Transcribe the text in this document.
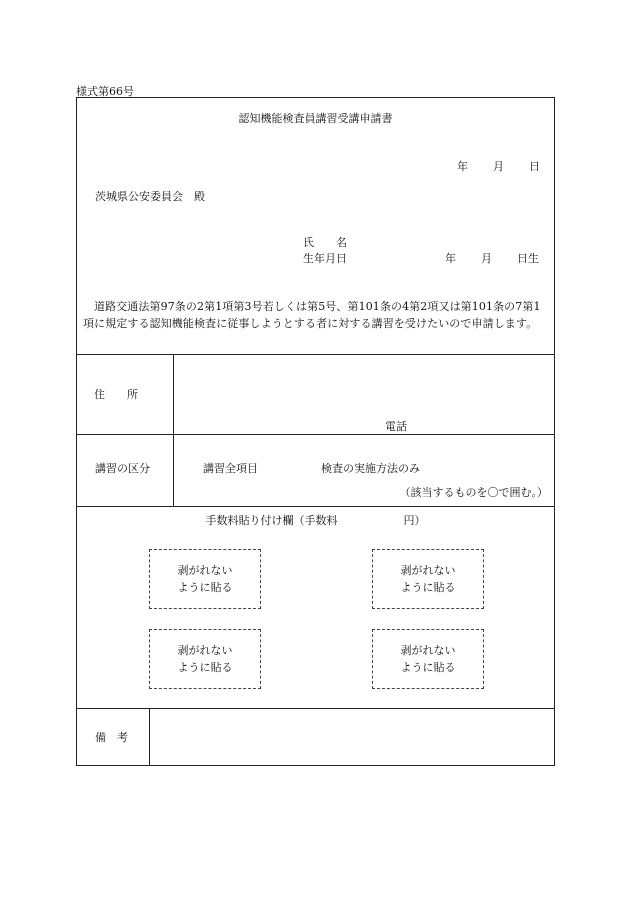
様式第66号
認知機能検査員講習受講申請書
年 月 日
茨城県公安委員会　殿
氏　　名
生年月日	年 月 日生
道路交通法第97条の2第1項第3号若しくは第5号、第101条の4第2項又は第101条の7第1項に規定する認知機能検査に従事しようとする者に対する講習を受けたいので申請します。
住　　所
電話
講習の区分	講習全項目	検査の実施方法のみ
（該当するものを〇で囲む。）
手数料貼り付け欄（手数料　　　　　　円）
剥がれない
ように貼る
剥がれない
ように貼る
剥がれない
ように貼る
剥がれない
ように貼る
備　考
